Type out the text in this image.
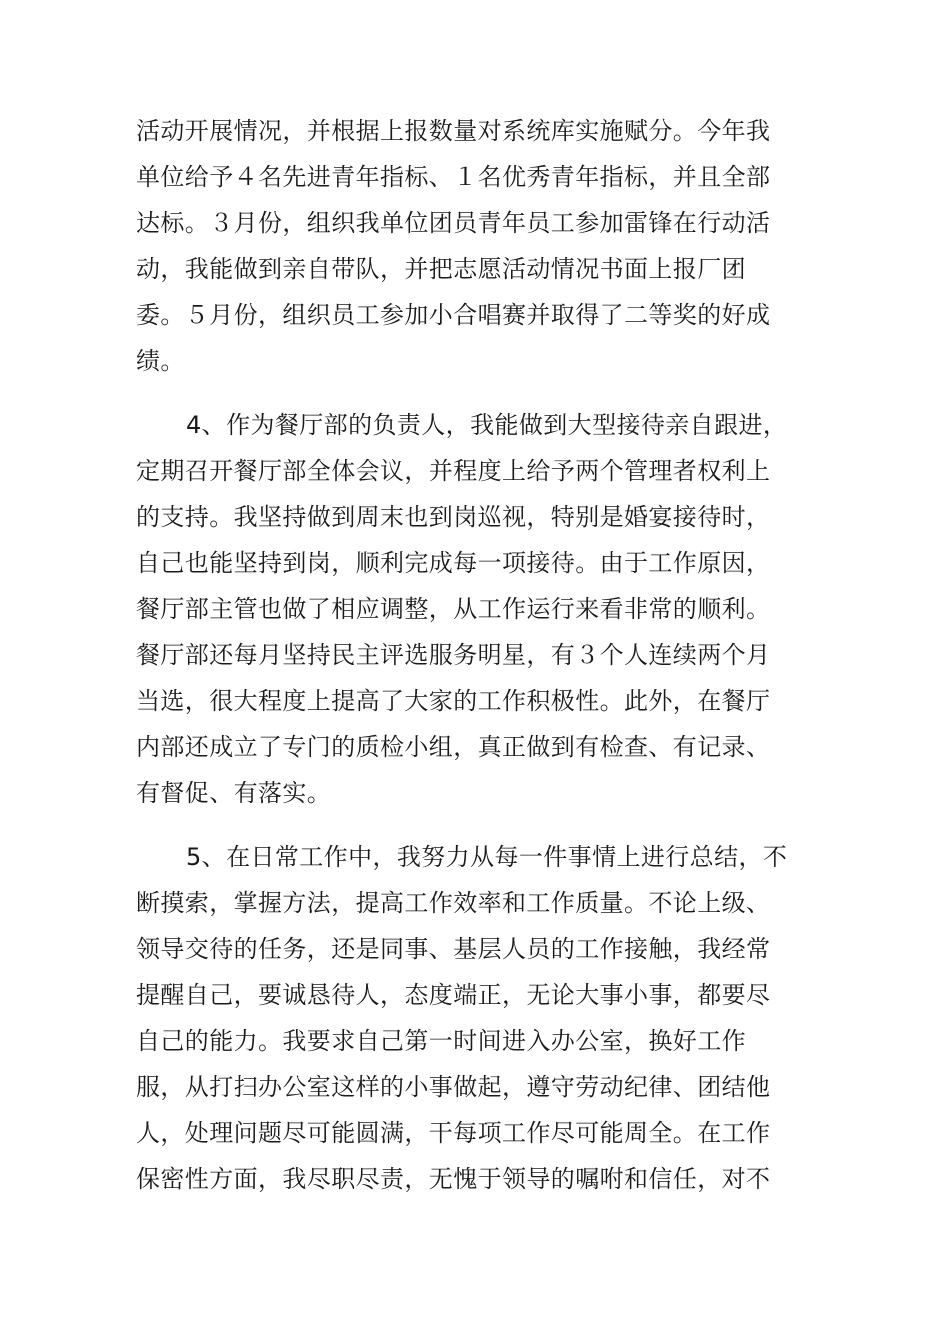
活动开展情况，并根据上报数量对系统库实施赋分。今年我
单位给予４名先进青年指标、１名优秀青年指标，并且全部
达标。３月份，组织我单位团员青年员工参加雷锋在行动活
动，我能做到亲自带队，并把志愿活动情况书面上报厂团
委。５月份，组织员工参加小合唱赛并取得了二等奖的好成
绩。
4、作为餐厅部的负责人，我能做到大型接待亲自跟进，
定期召开餐厅部全体会议，并程度上给予两个管理者权利上
的支持。我坚持做到周末也到岗巡视，特别是婚宴接待时，
自己也能坚持到岗，顺利完成每一项接待。由于工作原因，
餐厅部主管也做了相应调整，从工作运行来看非常的顺利。
餐厅部还每月坚持民主评选服务明星，有３个人连续两个月
当选，很大程度上提高了大家的工作积极性。此外，在餐厅
内部还成立了专门的质检小组，真正做到有检查、有记录、
有督促、有落实。
5、在日常工作中，我努力从每一件事情上进行总结，不
断摸索，掌握方法，提高工作效率和工作质量。不论上级、
领导交待的任务，还是同事、基层人员的工作接触，我经常
提醒自己，要诚恳待人，态度端正，无论大事小事，都要尽
自己的能力。我要求自己第一时间进入办公室，换好工作
服，从打扫办公室这样的小事做起，遵守劳动纪律、团结他
人，处理问题尽可能圆满，干每项工作尽可能周全。在工作
保密性方面，我尽职尽责，无愧于领导的嘱咐和信任，对不
